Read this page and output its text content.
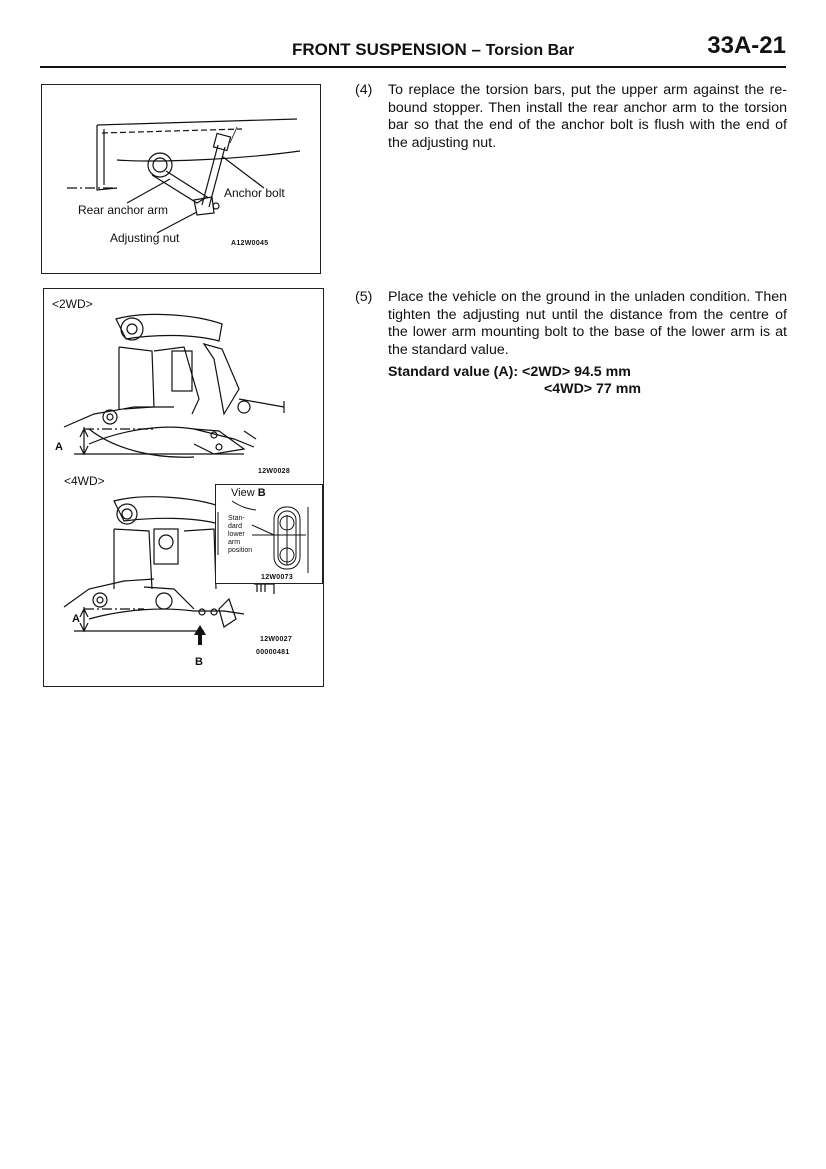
FRONT SUSPENSION – Torsion Bar	33A-21
Anchor bolt
Rear anchor arm
Adjusting nut	A12W0045
<2WD>
A
12W0028
<4WD>
View B
Stan-
dard
lower
arm
position
12W0073
A
B
12W0027
00000481
(4) To replace the torsion bars, put the upper arm against the re-bound stopper. Then install the rear anchor arm to the torsion bar so that the end of the anchor bolt is flush with the end of the adjusting nut.
(5) Place the vehicle on the ground in the unladen condition. Then tighten the adjusting nut until the distance from the centre of the lower arm mounting bolt to the base of the lower arm is at the standard value.
Standard value (A): <2WD> 94.5 mm
<4WD> 77 mm
